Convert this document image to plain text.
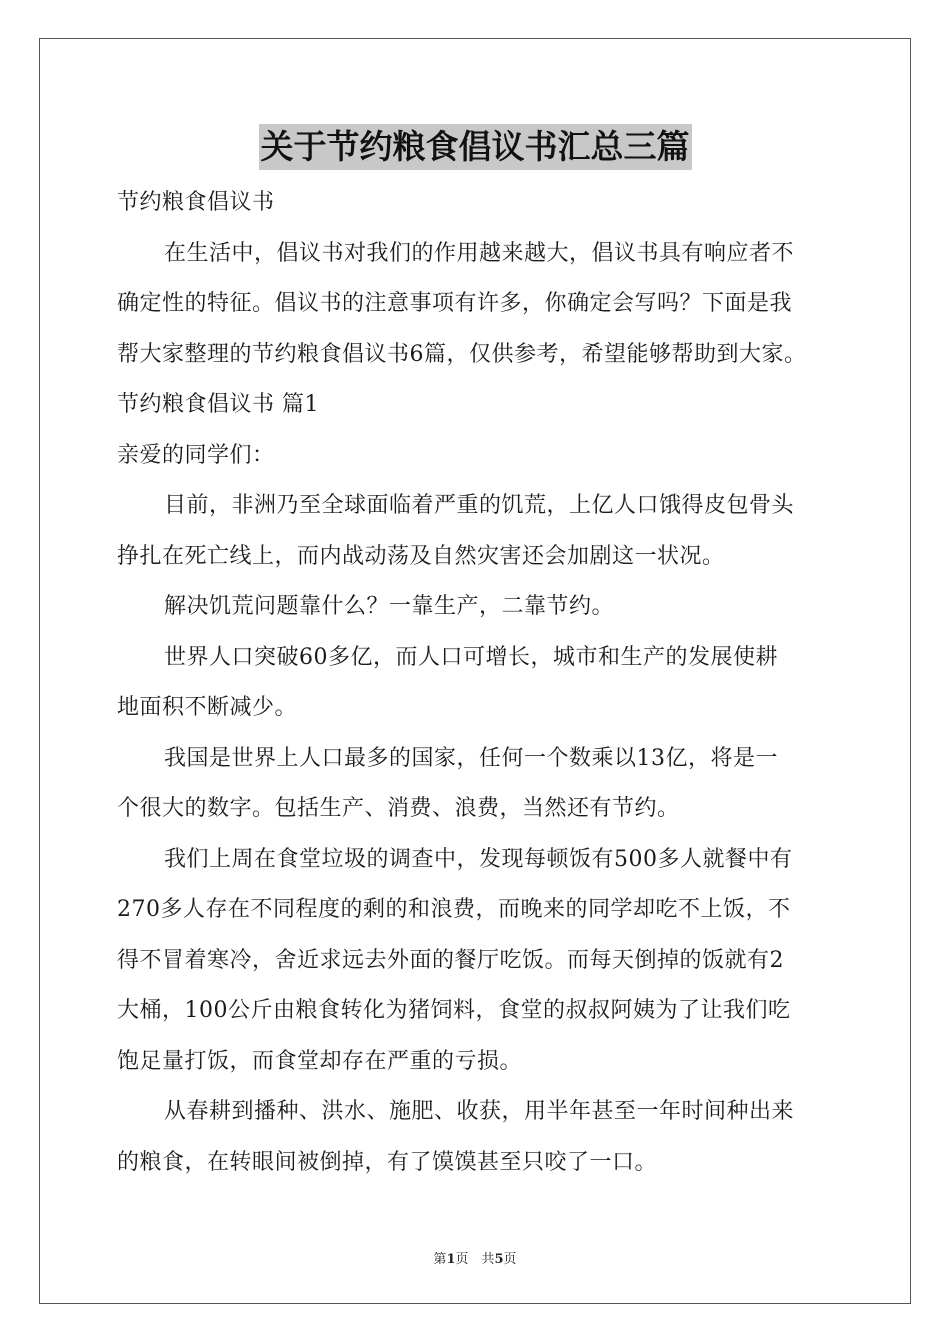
关于节约粮食倡议书汇总三篇
节约粮食倡议书
在生活中，倡议书对我们的作用越来越大，倡议书具有响应者不
确定性的特征。倡议书的注意事项有许多，你确定会写吗？下面是我
帮大家整理的节约粮食倡议书6篇，仅供参考，希望能够帮助到大家。
节约粮食倡议书 篇1
亲爱的同学们：
目前，非洲乃至全球面临着严重的饥荒，上亿人口饿得皮包骨头
挣扎在死亡线上，而内战动荡及自然灾害还会加剧这一状况。
解决饥荒问题靠什么？一靠生产，二靠节约。
世界人口突破60多亿，而人口可增长，城市和生产的发展使耕
地面积不断减少。
我国是世界上人口最多的国家，任何一个数乘以13亿，将是一
个很大的数字。包括生产、消费、浪费，当然还有节约。
我们上周在食堂垃圾的调查中，发现每顿饭有500多人就餐中有
270多人存在不同程度的剩的和浪费，而晚来的同学却吃不上饭，不
得不冒着寒冷，舍近求远去外面的餐厅吃饭。而每天倒掉的饭就有2
大桶，100公斤由粮食转化为猪饲料，食堂的叔叔阿姨为了让我们吃
饱足量打饭，而食堂却存在严重的亏损。
从春耕到播种、洪水、施肥、收获，用半年甚至一年时间种出来
的粮食，在转眼间被倒掉，有了馍馍甚至只咬了一口。
第1页　共5页
